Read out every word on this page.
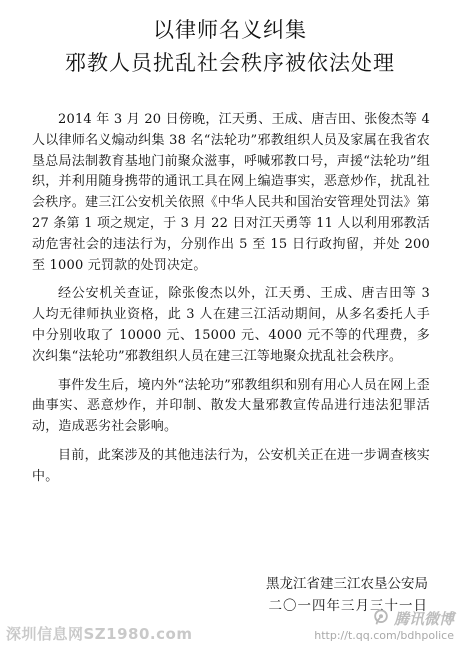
以律师名义纠集
邪教人员扰乱社会秩序被依法处理

2014 年 3 月 20 日傍晚，江天勇、王成、唐吉田、张俊杰等 4 人以律师名义煽动纠集 38 名“法轮功”邪教组织人员及家属在我省农垦总局法制教育基地门前聚众滋事，呼喊邪教口号，声援“法轮功”组织，并利用随身携带的通讯工具在网上编造事实，恶意炒作，扰乱社会秩序。建三江公安机关依照《中华人民共和国治安管理处罚法》第 27 条第 1 项之规定，于 3 月 22 日对江天勇等 11 人以利用邪教活动危害社会的违法行为，分别作出 5 至 15 日行政拘留，并处 200 至 1000 元罚款的处罚决定。

经公安机关查证，除张俊杰以外，江天勇、王成、唐吉田等 3 人均无律师执业资格，此 3 人在建三江活动期间，从多名委托人手中分别收取了 10000 元、15000 元、4000 元不等的代理费，多次纠集“法轮功”邪教组织人员在建三江等地聚众扰乱社会秩序。

事件发生后，境内外“法轮功”邪教组织和别有用心人员在网上歪曲事实、恶意炒作，并印制、散发大量邪教宣传品进行违法犯罪活动，造成恶劣社会影响。

目前，此案涉及的其他违法行为，公安机关正在进一步调查核实中。

黑龙江省建三江农垦公安局
二〇一四年三月三十一日
深圳信息网SZ1980.com
腾讯微博
http://t.qq.com/bdhpolice
